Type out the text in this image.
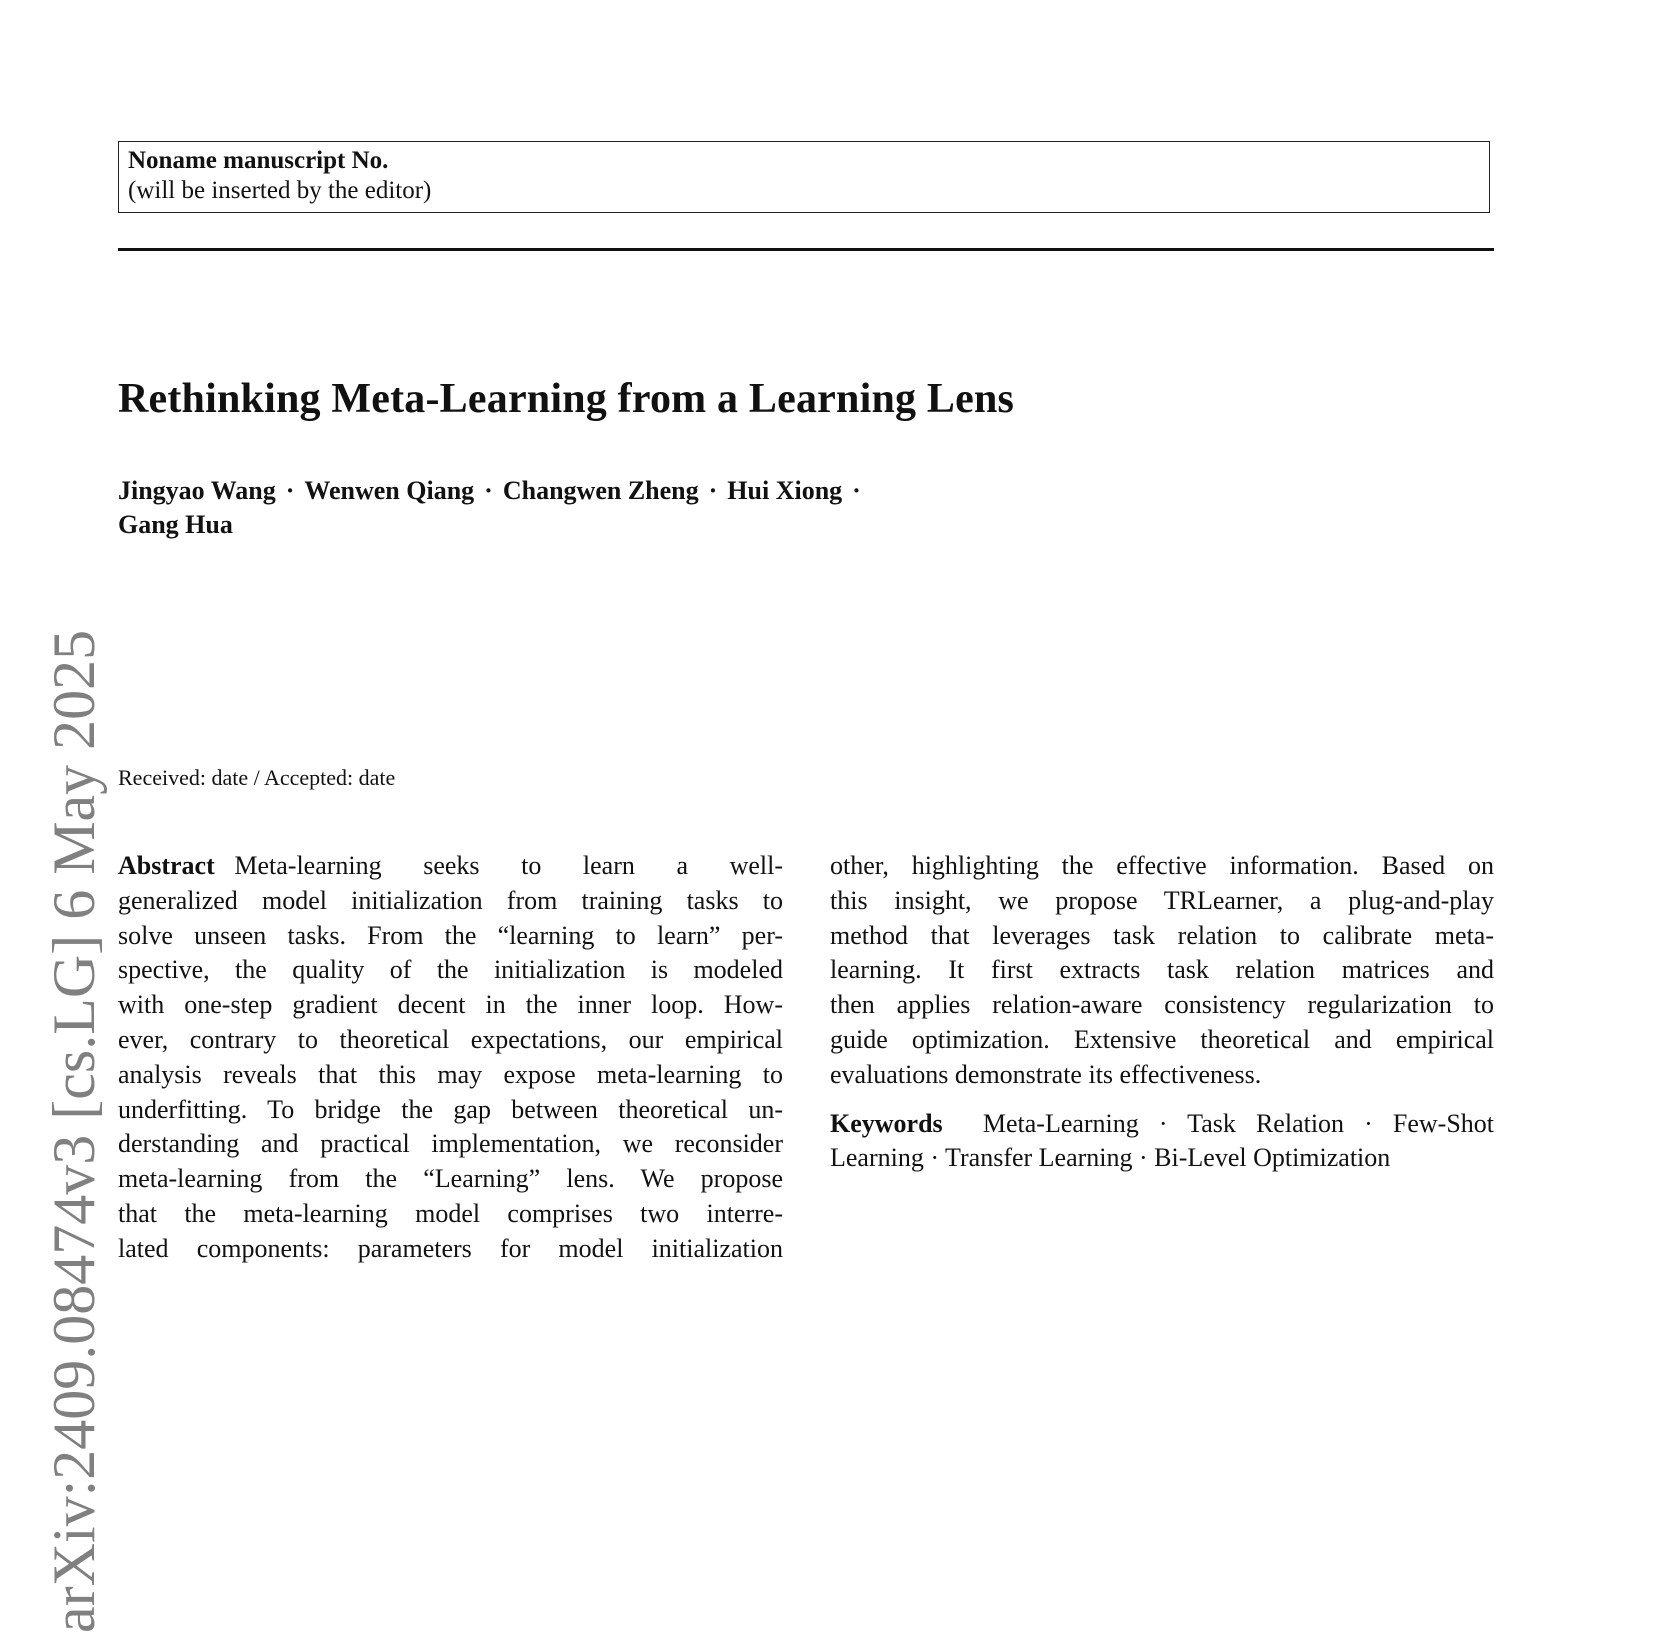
Noname manuscript No.
(will be inserted by the editor)
Rethinking Meta-Learning from a Learning Lens
Jingyao Wang · Wenwen Qiang · Changwen Zheng · Hui Xiong ·
Gang Hua
Received: date / Accepted: date
Abstract Meta-learning seeks to learn a well-
generalized model initialization from training tasks to
solve unseen tasks. From the “learning to learn” per-
spective, the quality of the initialization is modeled
with one-step gradient decent in the inner loop. How-
ever, contrary to theoretical expectations, our empirical
analysis reveals that this may expose meta-learning to
underfitting. To bridge the gap between theoretical un-
derstanding and practical implementation, we reconsider
meta-learning from the “Learning” lens. We propose
that the meta-learning model comprises two interre-
lated components: parameters for model initialization
other, highlighting the effective information. Based on
this insight, we propose TRLearner, a plug-and-play
method that leverages task relation to calibrate meta-
learning. It first extracts task relation matrices and
then applies relation-aware consistency regularization to
guide optimization. Extensive theoretical and empirical
evaluations demonstrate its effectiveness.
Keywords Meta-Learning · Task Relation · Few-Shot
Learning · Transfer Learning · Bi-Level Optimization
arXiv:2409.08474v3 [cs.LG] 6 May 2025
